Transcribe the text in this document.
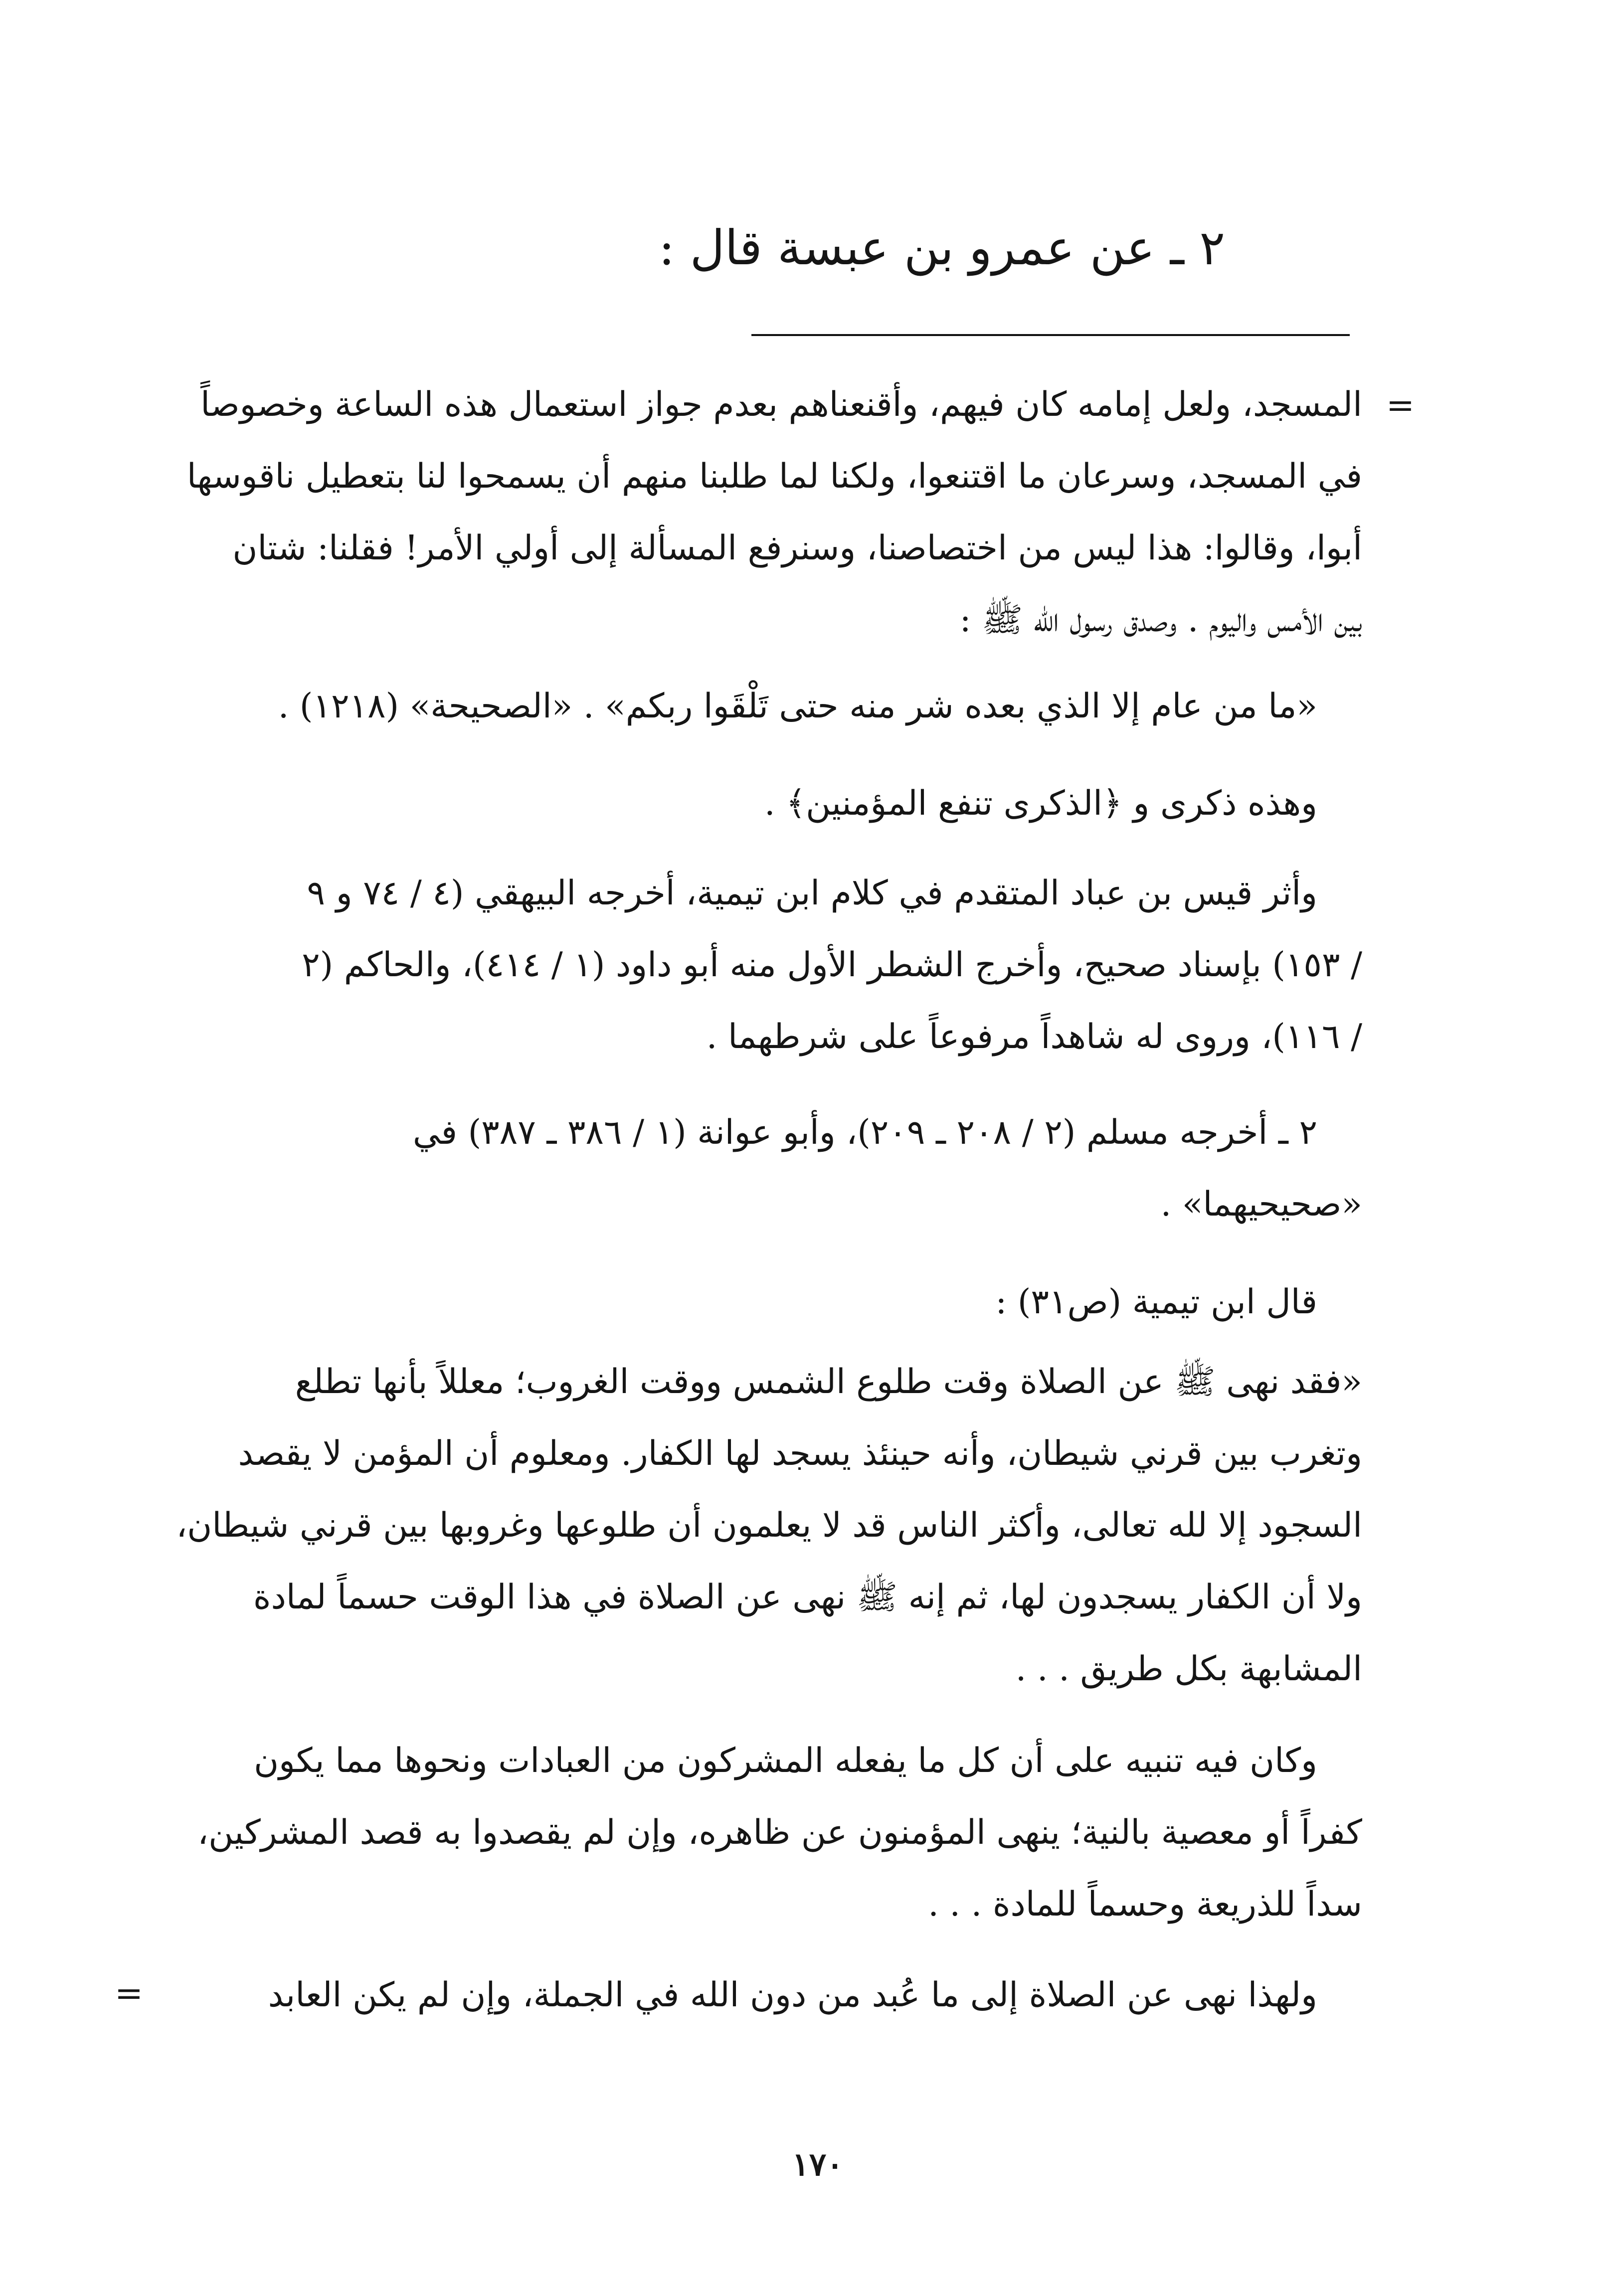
٢ ـ عن عمرو بن عبسة قال :
=
المسجد، ولعل إمامه كان فيهم، وأقنعناهم بعدم جواز استعمال هذه الساعة وخصوصاً
في المسجد، وسرعان ما اقتنعوا، ولكنا لما طلبنا منهم أن يسمحوا لنا بتعطيل ناقوسها
أبوا، وقالوا: هذا ليس من اختصاصنا، وسنرفع المسألة إلى أولي الأمر! فقلنا: شتان
بين الأمس واليوم . وصدق رسول الله ﷺ :
«ما من عام إلا الذي بعده شر منه حتى تَلْقَوا ربكم» . «الصحيحة» (١٢١٨) .
وهذه ذكرى و ﴿الذكرى تنفع المؤمنين﴾ .
وأثر قيس بن عباد المتقدم في كلام ابن تيمية، أخرجه البيهقي (٤ / ٧٤ و ٩
/ ١٥٣) بإسناد صحيح، وأخرج الشطر الأول منه أبو داود (١ / ٤١٤)، والحاكم (٢
/ ١١٦)، وروى له شاهداً مرفوعاً على شرطهما .
٢ ـ أخرجه مسلم (٢ / ٢٠٨ ـ ٢٠٩)، وأبو عوانة (١ / ٣٨٦ ـ ٣٨٧) في
«صحيحيهما» .
قال ابن تيمية (ص٣١) :
«فقد نهى ﷺ عن الصلاة وقت طلوع الشمس ووقت الغروب؛ معللاً بأنها تطلع
وتغرب بين قرني شيطان، وأنه حينئذ يسجد لها الكفار. ومعلوم أن المؤمن لا يقصد
السجود إلا لله تعالى، وأكثر الناس قد لا يعلمون أن طلوعها وغروبها بين قرني شيطان،
ولا أن الكفار يسجدون لها، ثم إنه ﷺ نهى عن الصلاة في هذا الوقت حسماً لمادة
المشابهة بكل طريق . . .
وكان فيه تنبيه على أن كل ما يفعله المشركون من العبادات ونحوها مما يكون
كفراً أو معصية بالنية؛ ينهى المؤمنون عن ظاهره، وإن لم يقصدوا به قصد المشركين،
سداً للذريعة وحسماً للمادة . . .
ولهذا نهى عن الصلاة إلى ما عُبد من دون الله في الجملة، وإن لم يكن العابد
=
١٧٠
